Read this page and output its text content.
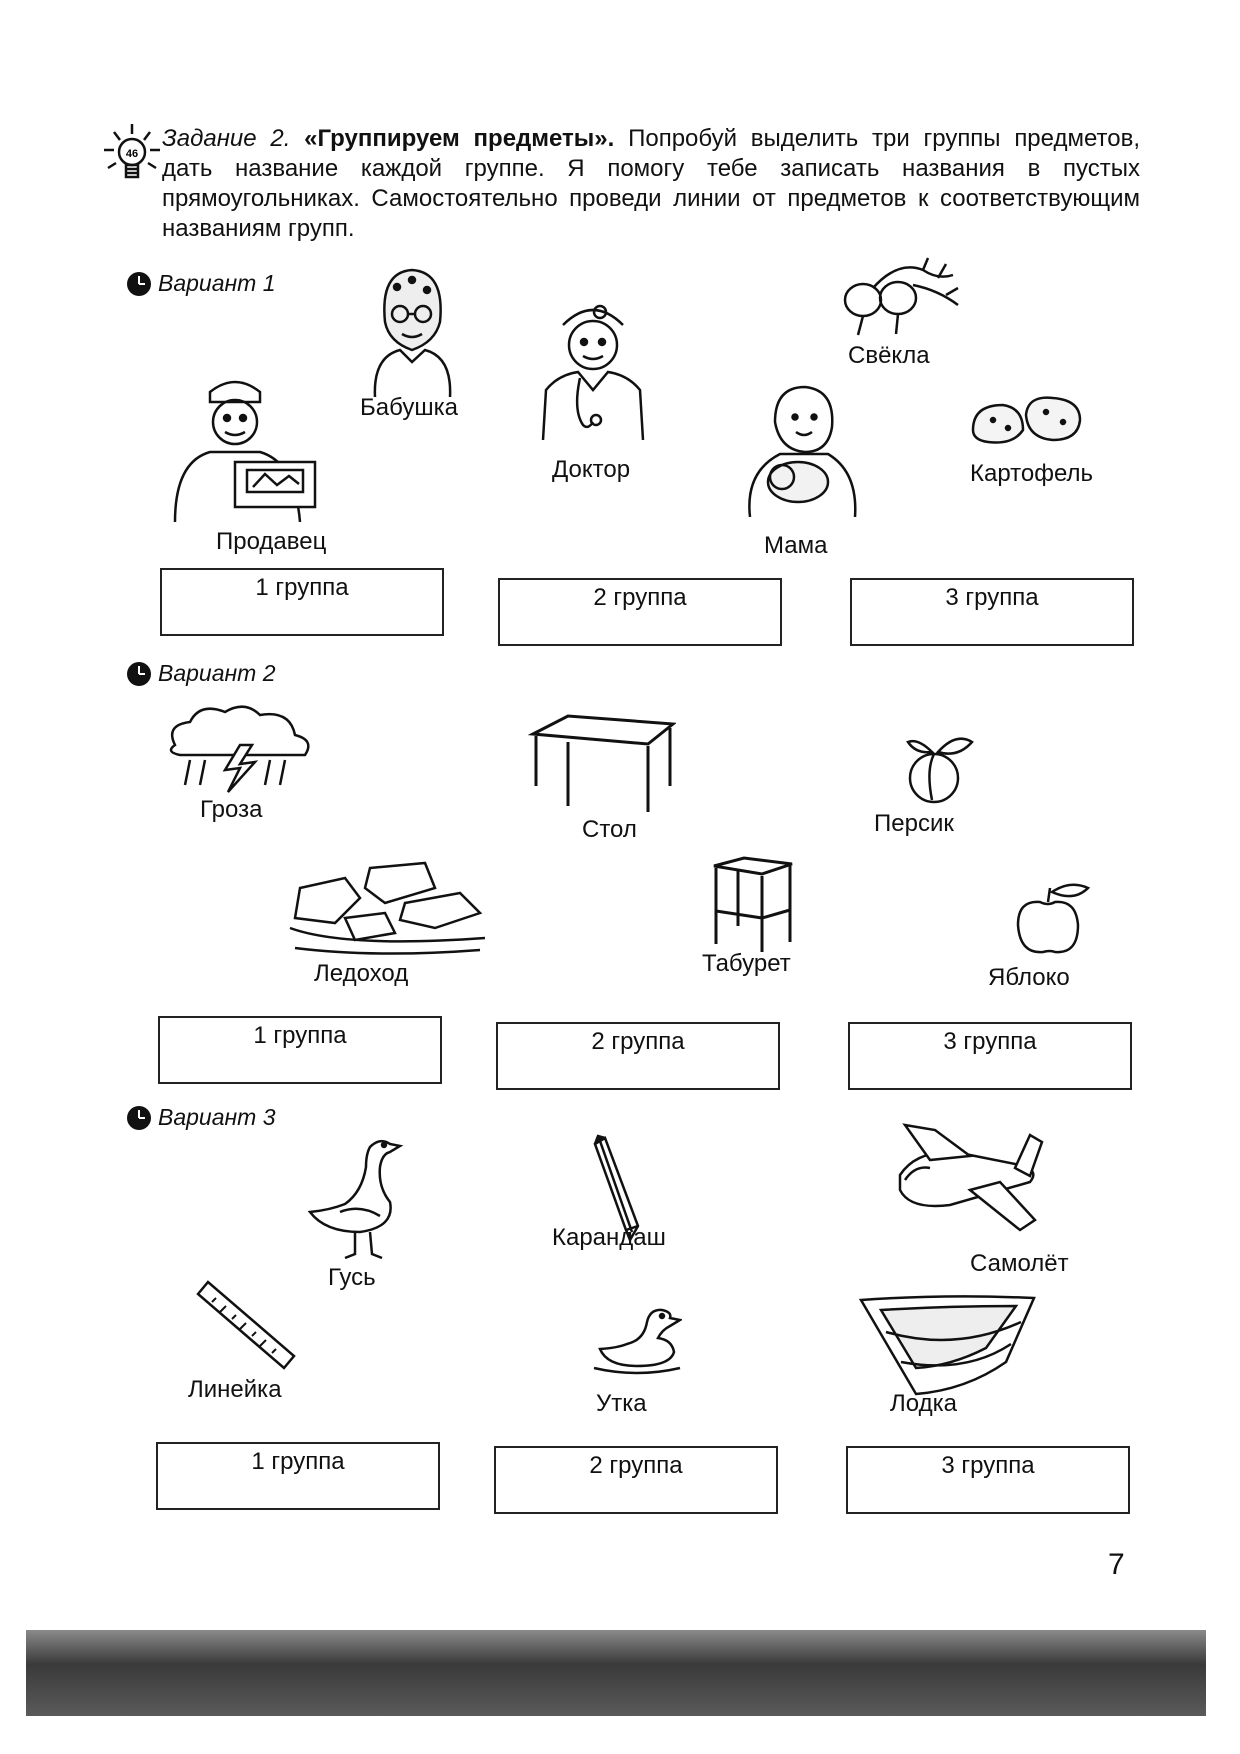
46
Задание 2. «Группируем предметы». Попробуй выделить три группы предметов, дать название каждой группе. Я помогу тебе записать названия в пустых прямоугольниках. Самостоятельно проведи линии от предметов к соответствующим названиям групп.
Вариант 1
Бабушка
Свёкла
Продавец
Доктор	Картофель
Мама
1 группа	2 группа	3 группа
Вариант 2
Гроза
Стол	Персик
Ледоход	Табурет
Яблоко
1 группа	2 группа	3 группа
Вариант 3
Гусь
Карандаш
Самолёт
Линейка
Утка	Лодка
1 группа	2 группа	3 группа
7
